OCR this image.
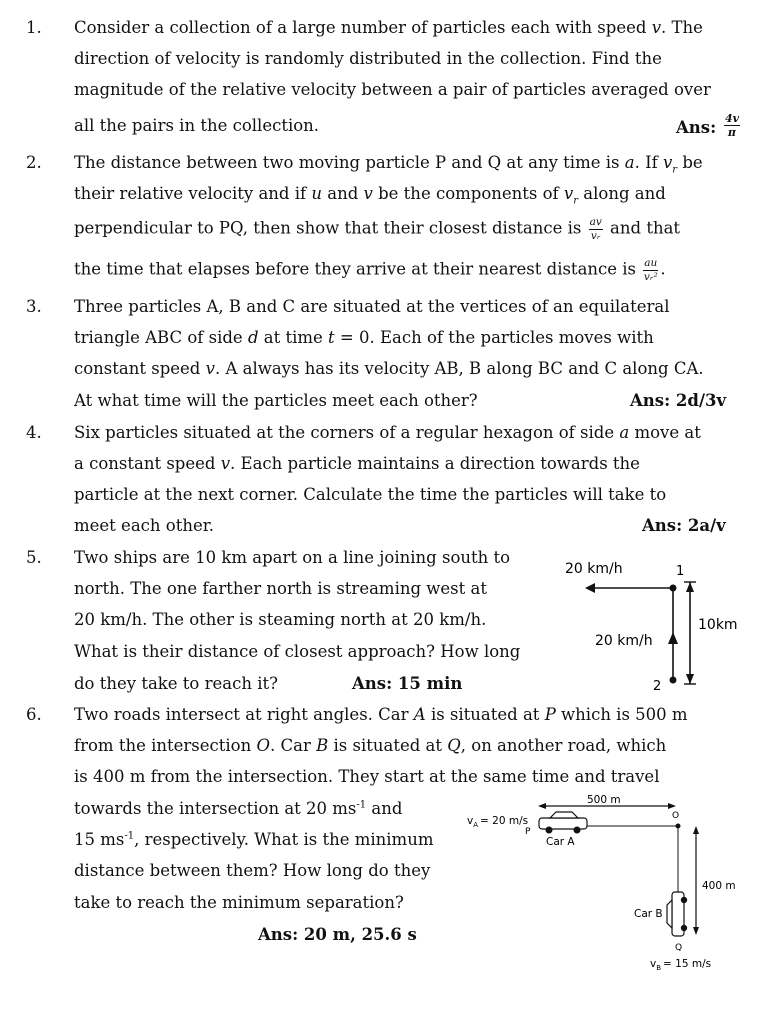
1. Consider a collection of a large number of particles each with speed v. The
direction of velocity is randomly distributed in the collection. Find the
magnitude of the relative velocity between a pair of particles averaged over
all the pairs in the collection.	Ans: $\frac{4v}{\pi}$
2. The distance between two moving particle P and Q at any time is a. If $v_r$ be
their relative velocity and if u and v be the components of $v_r$ along and
perpendicular to PQ, then show that their closest distance is $\frac{av}{\text{vᵣ}}$ and that
the time that elapses before they arrive at their nearest distance is $\frac{au}{\text{vᵣ²}}$ .
3. Three particles A, B and C are situated at the vertices of an equilateral
triangle ABC of side d at time t = 0. Each of the particles moves with
constant speed v. A always has its velocity AB, B along BC and C along CA.
At what time will the particles meet each other?	Ans: 2d/3v
4. Six particles situated at the corners of a regular hexagon of side a move at
a constant speed v. Each particle maintains a direction towards the
particle at the next corner. Calculate the time the particles will take to
meet each other.	Ans: 2a/v
5. Two ships are 10 km apart on a line joining south to
north. The one farther north is streaming west at
20 km/h. The other is steaming north at 20 km/h.
What is their distance of closest approach? How long
do they take to reach it?	Ans: 15 min
20 km/h	1
20 km/h
2
10km
6. Two roads intersect at right angles. Car A is situated at P which is 500 m
from the intersection O. Car B is situated at Q, on another road, which
is 400 m from the intersection. They start at the same time and travel
towards the intersection at 20 $ms^{-1}$ and
15 $ms^{-1}$, respectively. What is the minimum
distance between them? How long do they
take to reach the minimum separation?
Ans: 20 m, 25.6 s
500 m
$v_A = 20$ m/s
P
Car A
O
400 m
Car B
Q
$v_B = 15$ m/s
